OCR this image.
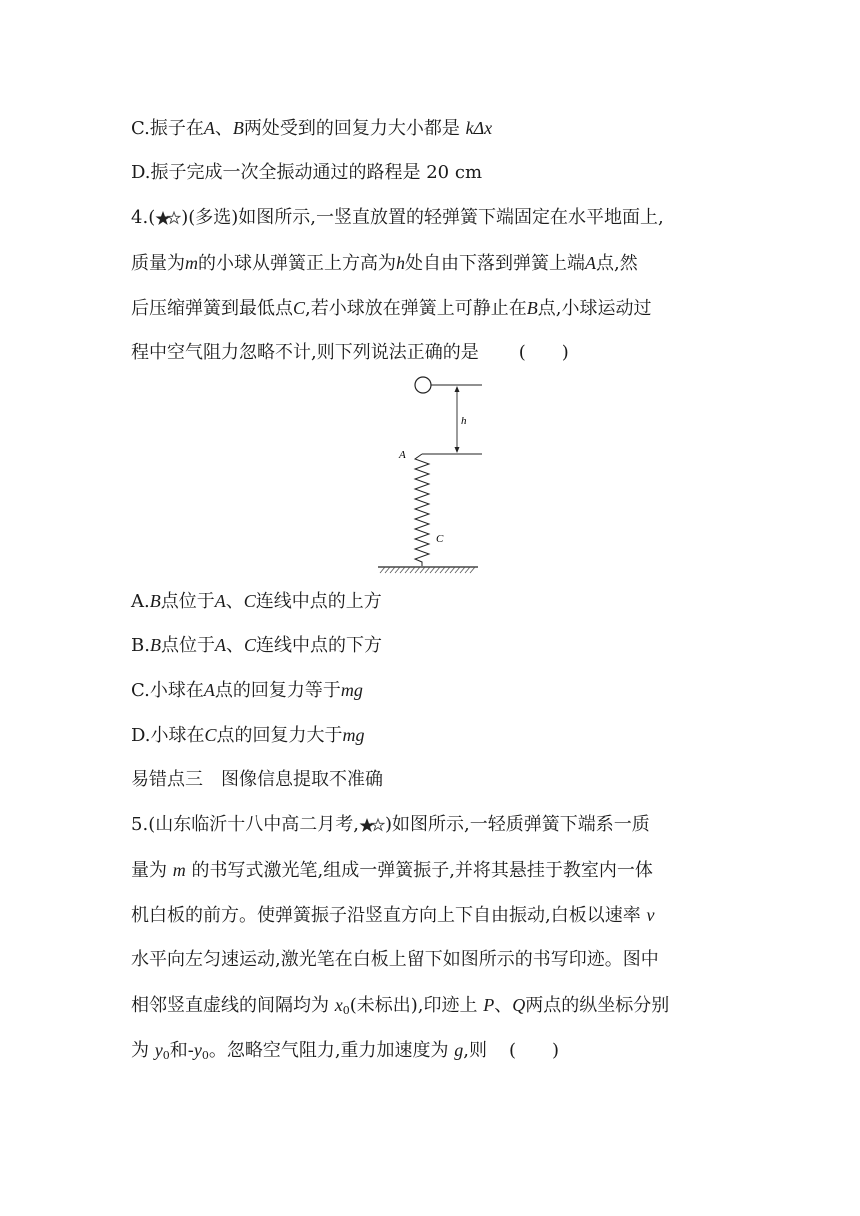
C.振子在A、B两处受到的回复力大小都是 kΔx
D.振子完成一次全振动通过的路程是 20 cm
4.( )(多选)如图所示,一竖直放置的轻弹簧下端固定在水平地面上,
质量为m的小球从弹簧正上方高为h处自由下落到弹簧上端A点,然
后压缩弹簧到最低点C,若小球放在弹簧上可静止在B点,小球运动过
程中空气阻力忽略不计,则下列说法正确的是 (　　)
h
A
C
A.B点位于A、C连线中点的上方
B.B点位于A、C连线中点的下方
C.小球在A点的回复力等于mg
D.小球在C点的回复力大于mg
易错点三　图像信息提取不准确
5.(山东临沂十八中高二月考, )如图所示,一轻质弹簧下端系一质
量为 m 的书写式激光笔,组成一弹簧振子,并将其悬挂于教室内一体
机白板的前方。使弹簧振子沿竖直方向上下自由振动,白板以速率 v
水平向左匀速运动,激光笔在白板上留下如图所示的书写印迹。图中
相邻竖直虚线的间隔均为 $x_0$(未标出),印迹上 P、Q两点的纵坐标分别
为 $y_0$和$-y_0$。忽略空气阻力,重力加速度为 g,则 (　　)
